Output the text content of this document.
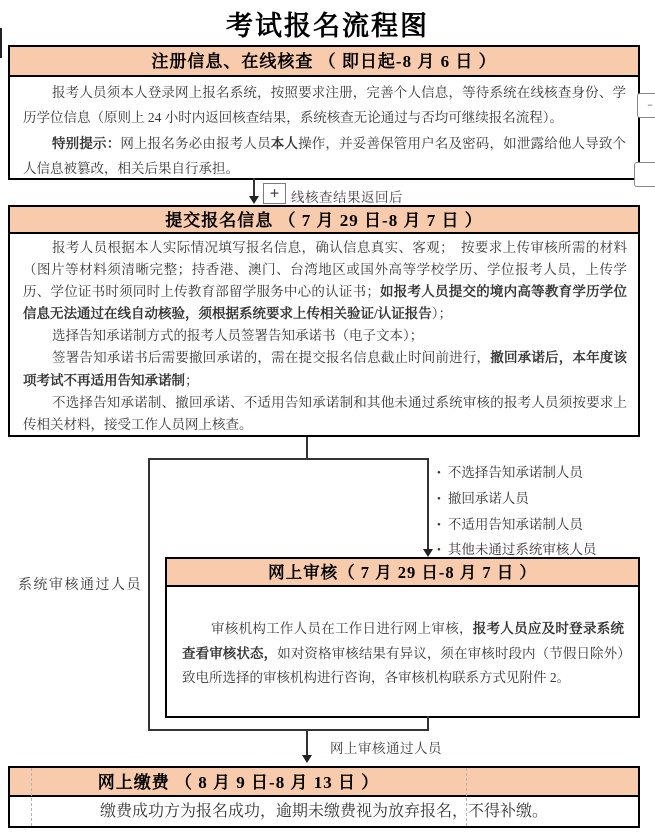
考试报名流程图
注册信息、在线核查 （ 即日起-8 月 6 日 ）

报考人员须本人登录网上报名系统，按照要求注册，完善个人信息，等待系统在线核查身份、学历学位信息（原则上 24 小时内返回核查结果，系统核查无论通过与否均可继续报名流程）。

特别提示：网上报名务必由报考人员本人操作，并妥善保管用户名及密码，如泄露给他人导致个人信息被篡改，相关后果自行承担。

+ 线核查结果返回后
–
提交报名信息 （ 7 月 29 日-8 月 7 日 ）

报考人员根据本人实际情况填写报名信息，确认信息真实、客观；　按要求上传审核所需的材料（图片等材料须清晰完整；持香港、澳门、台湾地区或国外高等学校学历、学位报考人员，上传学历、学位证书时须同时上传教育部留学服务中心的认证书；如报考人员提交的境内高等教育学历学位信息无法通过在线自动核验，须根据系统要求上传相关验证/认证报告）；

选择告知承诺制方式的报考人员签署告知承诺书（电子文本）；

签署告知承诺书后需要撤回承诺的，需在提交报名信息截止时间前进行，撤回承诺后，本年度该项考试不再适用告知承诺制；

不选择告知承诺制、撤回承诺、不适用告知承诺制和其他未通过系统审核的报考人员须按要求上传相关材料，接受工作人员网上核查。

• 不选择告知承诺制人员
• 撤回承诺人员
• 不适用告知承诺制人员
• 其他未通过系统审核人员
系统审核通过人员
网上审核（ 7 月 29 日-8 月 7 日 ）

审核机构工作人员在工作日进行网上审核，报考人员应及时登录系统查看审核状态，如对资格审核结果有异议，须在审核时段内（节假日除外）致电所选择的审核机构进行咨询，各审核机构联系方式见附件 2。

网上审核通过人员
网上缴费 （ 8 月 9 日-8 月 13 日 ）
缴费成功方为报名成功，逾期未缴费视为放弃报名，不得补缴。
